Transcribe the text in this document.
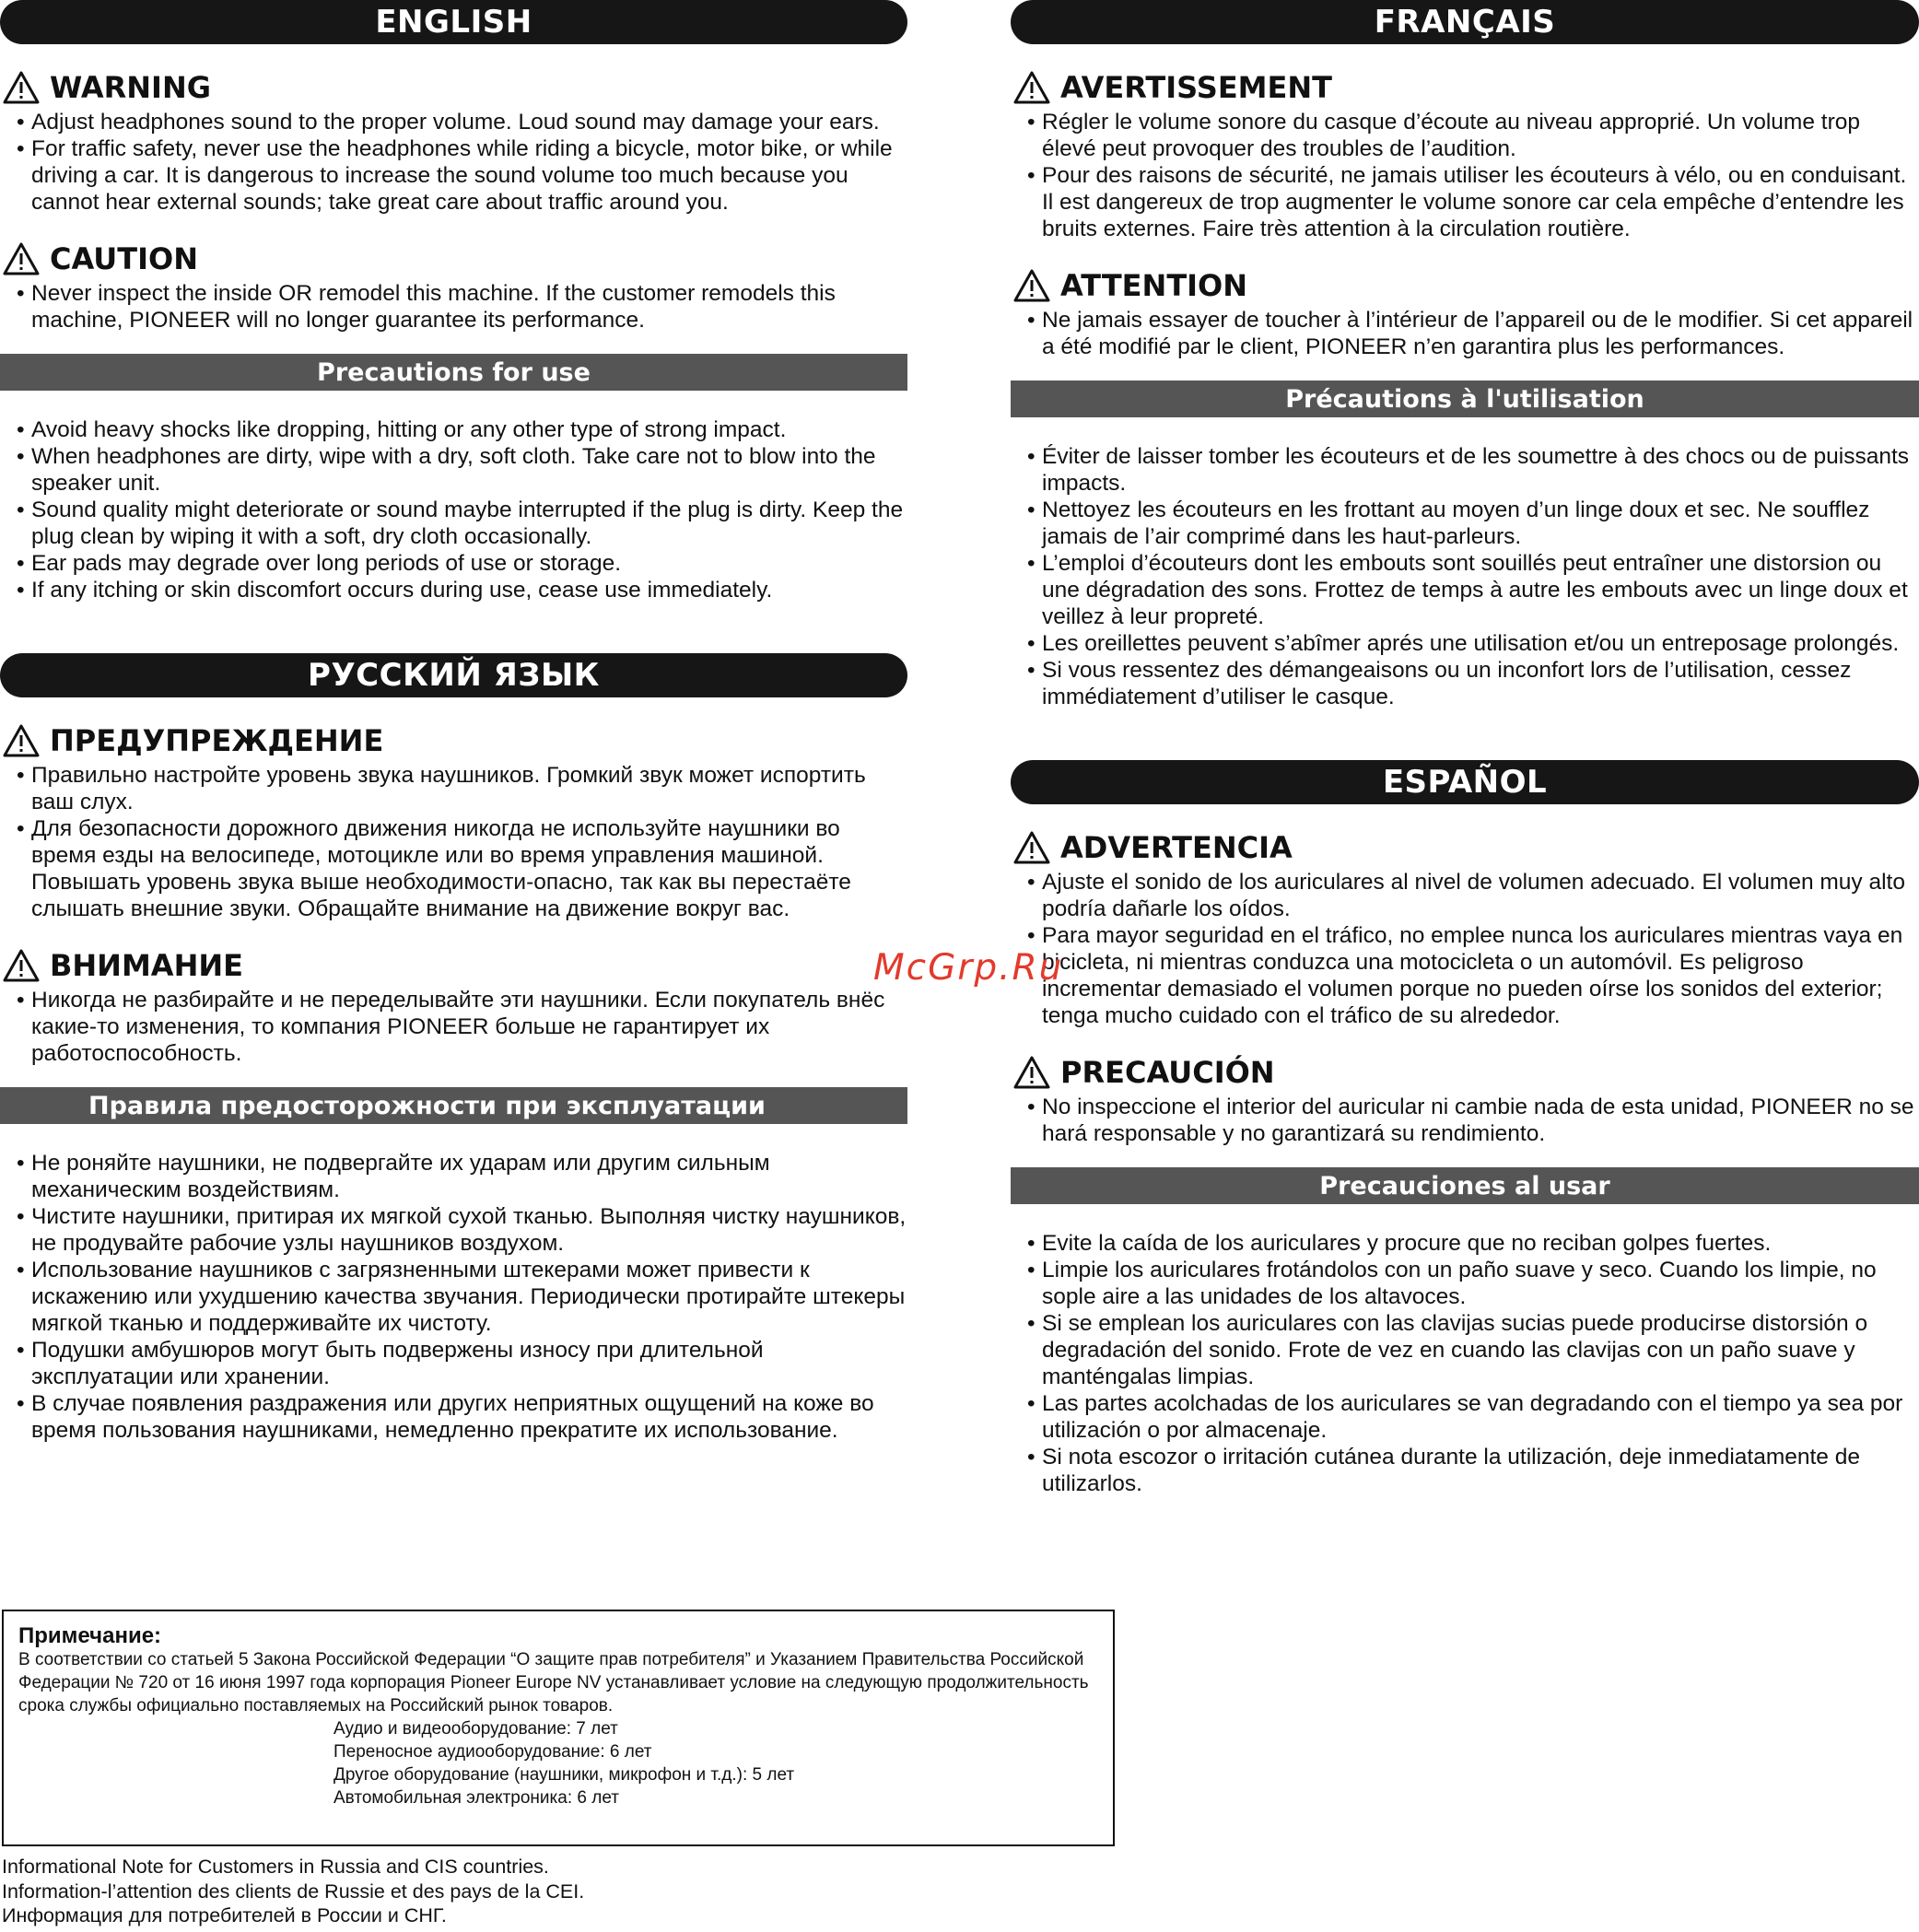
ENGLISH
WARNING
• Adjust headphones sound to the proper volume. Loud sound may damage your ears.
• For traffic safety, never use the headphones while riding a bicycle, motor bike, or while driving a car. It is dangerous to increase the sound volume too much because you cannot hear external sounds; take great care about traffic around you.
CAUTION
• Never inspect the inside OR remodel this machine. If the customer remodels this machine, PIONEER will no longer guarantee its performance.
Precautions for use
• Avoid heavy shocks like dropping, hitting or any other type of strong impact.
• When headphones are dirty, wipe with a dry, soft cloth. Take care not to blow into the speaker unit.
• Sound quality might deteriorate or sound maybe interrupted if the plug is dirty. Keep the plug clean by wiping it with a soft, dry cloth occasionally.
• Ear pads may degrade over long periods of use or storage.
• If any itching or skin discomfort occurs during use, cease use immediately.
РУССКИЙ ЯЗЫК
ПРЕДУПРЕЖДЕНИЕ
• Правильно настройте уровень звука наушников. Громкий звук может испортить ваш слух.
• Для безопасности дорожного движения никогда не используйте наушники во время езды на велосипеде, мотоцикле или во время управления машиной. Повышать уровень звука выше необходимости-опасно, так как вы перестаёте слышать внешние звуки. Обращайте внимание на движение вокруг вас.
ВНИМАНИЕ
• Никогда не разбирайте и не переделывайте эти наушники. Если покупатель внёс какие-то изменения, то компания PIONEER больше не гарантирует их работоспособность.
Правила предосторожности при эксплуатации
• Не роняйте наушники, не подвергайте их ударам или другим сильным механическим воздействиям.
• Чистите наушники, притирая их мягкой сухой тканью. Выполняя чистку наушников, не продувайте рабочие узлы наушников воздухом.
• Использование наушников с загрязненными штекерами может привести к искажению или ухудшению качества звучания. Периодически протирайте штекеры мягкой тканью и поддерживайте их чистоту.
• Подушки амбушюров могут быть подвержены износу при длительной эксплуатации или хранении.
• В случае появления раздражения или других неприятных ощущений на коже во время пользования наушниками, немедленно прекратите их использование.
FRANÇAIS
AVERTISSEMENT
• Régler le volume sonore du casque d’écoute au niveau approprié. Un volume trop élevé peut provoquer des troubles de l’audition.
• Pour des raisons de sécurité, ne jamais utiliser les écouteurs à vélo, ou en conduisant. Il est dangereux de trop augmenter le volume sonore car cela empêche d’entendre les bruits externes. Faire très attention à la circulation routière.
ATTENTION
• Ne jamais essayer de toucher à l’intérieur de l’appareil ou de le modifier. Si cet appareil a été modifié par le client, PIONEER n’en garantira plus les performances.
Précautions à l'utilisation
• Éviter de laisser tomber les écouteurs et de les soumettre à des chocs ou de puissants impacts.
• Nettoyez les écouteurs en les frottant au moyen d’un linge doux et sec. Ne soufflez jamais de l’air comprimé dans les haut-parleurs.
• L’emploi d’écouteurs dont les embouts sont souillés peut entraîner une distorsion ou une dégradation des sons. Frottez de temps à autre les embouts avec un linge doux et veillez à leur propreté.
• Les oreillettes peuvent s’abîmer aprés une utilisation et/ou un entreposage prolongés.
• Si vous ressentez des démangeaisons ou un inconfort lors de l’utilisation, cessez immédiatement d’utiliser le casque.
ESPAÑOL
ADVERTENCIA
• Ajuste el sonido de los auriculares al nivel de volumen adecuado. El volumen muy alto podría dañarle los oídos.
• Para mayor seguridad en el tráfico, no emplee nunca los auriculares mientras vaya en bicicleta, ni mientras conduzca una motocicleta o un automóvil. Es peligroso incrementar demasiado el volumen porque no pueden oírse los sonidos del exterior; tenga mucho cuidado con el tráfico de su alrededor.
PRECAUCIÓN
• No inspeccione el interior del auricular ni cambie nada de esta unidad, PIONEER no se hará responsable y no garantizará su rendimiento.
Precauciones al usar
• Evite la caída de los auriculares y procure que no reciban golpes fuertes.
• Limpie los auriculares frotándolos con un paño suave y seco. Cuando los limpie, no sople aire a las unidades de los altavoces.
• Si se emplean los auriculares con las clavijas sucias puede producirse distorsión o degradación del sonido. Frote de vez en cuando las clavijas con un paño suave y manténgalas limpias.
• Las partes acolchadas de los auriculares se van degradando con el tiempo ya sea por utilización o por almacenaje.
• Si nota escozor o irritación cutánea durante la utilización, deje inmediatamente de utilizarlos.
Примечание:
В соответствии со статьей 5 Закона Российской Федерации “О защите прав потребителя” и Указанием Правительства Российской Федерации № 720 от 16 июня 1997 года корпорация Pioneer Europe NV устанавливает условие на следующую продолжительность срока службы официально поставляемых на Российский рынок товаров.
Аудио и видеооборудование: 7 лет
Переносное аудиооборудование: 6 лет
Другое оборудование (наушники, микрофон и т.д.): 5 лет
Автомобильная электроника: 6 лет
Informational Note for Customers in Russia and CIS countries.
Information-l’attention des clients de Russie et des pays de la CEI.
Информация для потребителей в России и СНГ.
McGrp.Ru
